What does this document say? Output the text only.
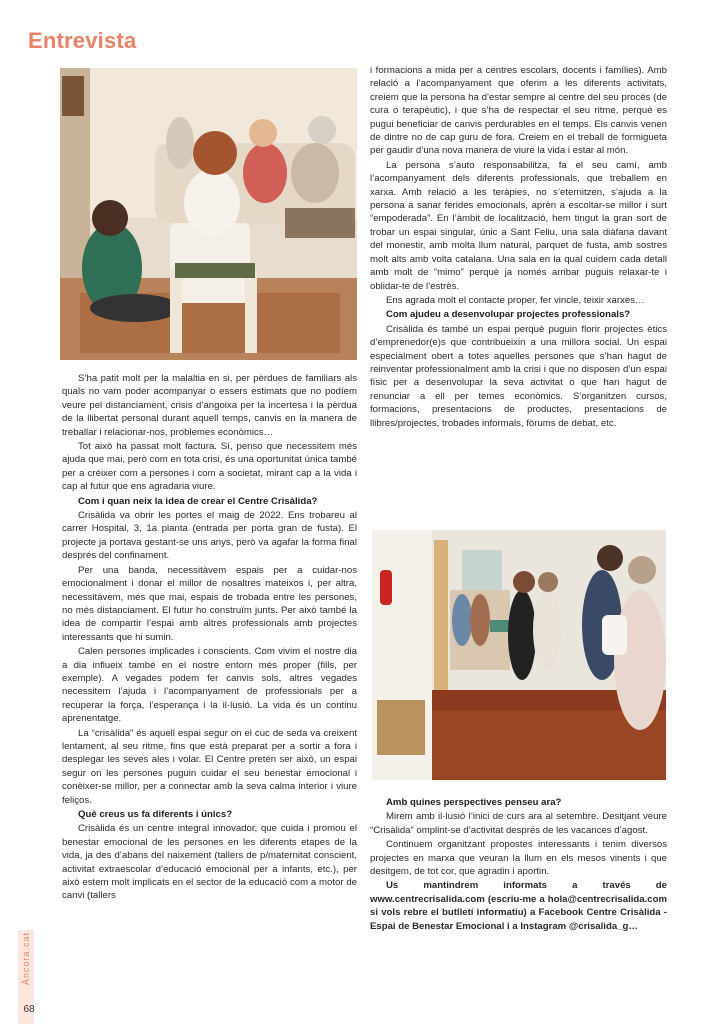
Entrevista

S’ha patit molt per la malaltia en si, per pèrdues de familiars als quals no vam poder acompanyar o essers estimats que no podíem veure pel distanciament, crisis d’angoixa per la incertesa i la pèrdua de la llibertat personal durant aquell temps, canvis en la manera de treballar i relacionar-nos, problemes econòmics…

Tot això ha passat molt factura. Sí, penso que necessitem més ajuda que mai, però com en tota crisi, és una oportunitat única també per a créixer com a persones i com a societat, mirant cap a la vida i cap al futur que ens agradaria viure.

Com i quan neix la idea de crear el Centre Crisàlida?

Crisàlida va obrir les portes el maig de 2022. Ens trobareu al carrer Hospital, 3, 1a planta (entrada per porta gran de fusta). El projecte ja portava gestant-se uns anys, però va agafar la forma final després del confinament.

Per una banda, necessitàvem espais per a cuidar-nos emocionalment i donar el millor de nosaltres mateixos i, per altra, necessitàvem, més que mai, espais de trobada entre les persones, no més distanciament. El futur ho construïm junts. Per això també la idea de compartir l’espai amb altres professionals amb projectes interessants que hi sumin.

Calen persones implicades i conscients. Com vivim el nostre dia a dia influeix també en el nostre entorn més proper (fills, per exemple). A vegades podem fer canvis sols, altres vegades necessitem l’ajuda i l’acompanyament de professionals per a recuperar la força, l’esperança i la il·lusió. La vida és un continu aprenentatge.

La “crisàlida” és aquell espai segur on el cuc de seda va creixent lentament, al seu ritme, fins que està preparat per a sortir a fora i desplegar les seves ales i volar. El Centre pretén ser això, un espai segur on les persones puguin cuidar el seu benestar emocional i conèixer-se millor, per a connectar amb la seva calma interior i viure feliços.

Què creus us fa diferents i únics?

Crisàlida és un centre integral innovador, que cuida i promou el benestar emocional de les persones en les diferents etapes de la vida, ja des d’abans del naixement (tallers de p/maternitat conscient, activitat extraescolar d’educació emocional per a infants, etc.), per això estem molt implicats en el sector de la educació com a motor de canvi (tallers

i formacions a mida per a centres escolars, docents i famílies). Amb relació a l’acompanyament que oferim a les diferents activitats, creiem que la persona ha d’estar sempre al centre del seu procés (de cura o terapèutic), i que s’ha de respectar el seu ritme, perquè es pugui beneficiar de canvis perdurables en el temps. Els canvis venen de dintre no de cap guru de fora. Creiem en el treball de formigueta per gaudir d’una nova manera de viure la vida i estar al món.

La persona s’auto responsabilitza, fa el seu camí, amb l’acompanyament dels diferents professionals, que treballem en xarxa. Amb relació a les teràpies, no s’eternitzen, s’ajuda a la persona a sanar ferides emocionals, aprèn a escoltar-se millor i surt “empoderada”. En l’àmbit de localització, hem tingut la gran sort de trobar un espai singular, únic a Sant Feliu, una sala diàfana davant del monestir, amb molta llum natural, parquet de fusta, amb sostres molt alts amb volta catalana. Una sala en la qual cuidem cada detall amb molt de “mimo” perquè ja només arribar puguis relaxar-te i oblidar-te de l’estrès.

Ens agrada molt el contacte proper, fer vincle, teixir xarxes…

Com ajudeu a desenvolupar projectes professionals?

Crisàlida és també un espai perquè puguin florir projectes ètics d’emprenedor(e)s que contribueixin a una millora social. Un espai especialment obert a totes aquelles persones que s’han hagut de reinventar professionalment amb la crisi i que no disposen d’un espai físic per a desenvolupar la seva activitat o que han hagut de renunciar a ell per temes econòmics. S’organitzen cursos, formacions, presentacions de productes, presentacions de llibres/projectes, trobades informals, fòrums de debat, etc.

Amb quines perspectives penseu ara?

Mirem amb il·lusió l’inici de curs ara al setembre. Desitjant veure “Crisàlida” omplint-se d’activitat després de les vacances d’agost.

Continuem organitzant propostes interessants i tenim diversos projectes en marxa que veuran la llum en els mesos vinents i que desitgem, de tot cor, que agradin i aportin.

Us mantindrem informats a través de www.centrecrisalida.com (escriu-me a hola@centrecrisalida.com si vols rebre el butlletí informatiu) a Facebook Centre Crisàlida - Espai de Benestar Emocional i a Instagram @crisalida_g…

68
